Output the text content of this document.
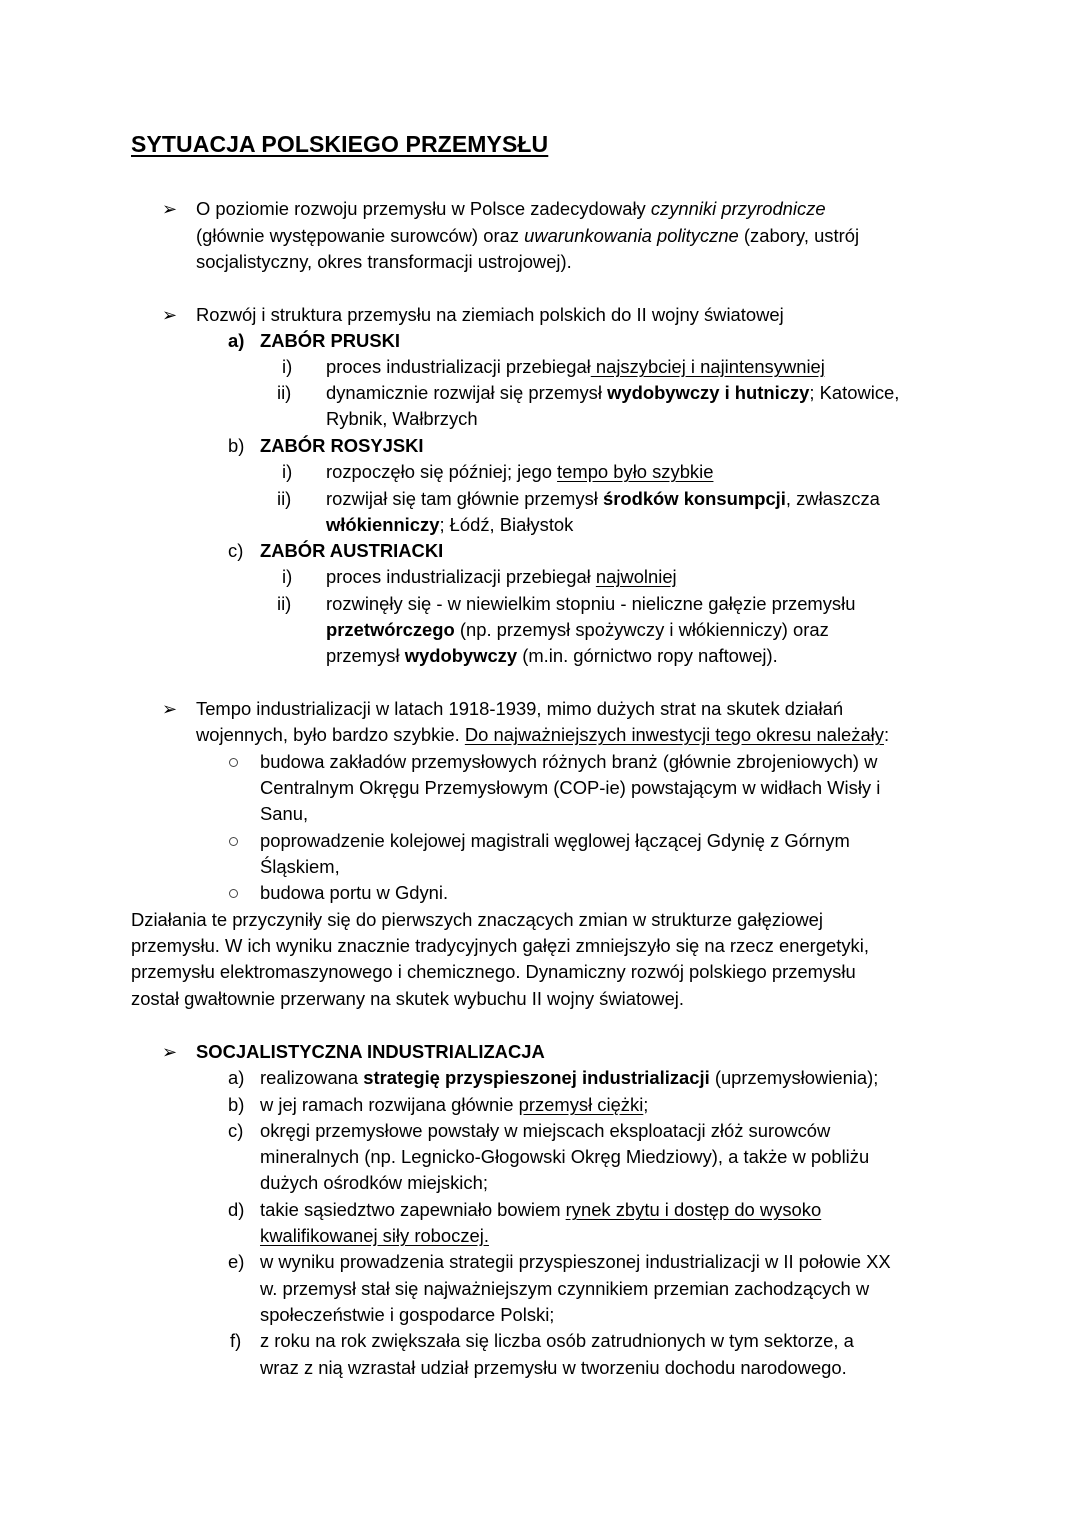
SYTUACJA POLSKIEGO PRZEMYSŁU
➢ O poziomie rozwoju przemysłu w Polsce zadecydowały czynniki przyrodnicze
(głównie występowanie surowców) oraz uwarunkowania polityczne (zabory, ustrój
socjalistyczny, okres transformacji ustrojowej).
➢ Rozwój i struktura przemysłu na ziemiach polskich do II wojny światowej
a) ZABÓR PRUSKI
i) proces industrializacji przebiegał najszybciej i najintensywniej
ii) dynamicznie rozwijał się przemysł wydobywczy i hutniczy; Katowice,
Rybnik, Wałbrzych
b) ZABÓR ROSYJSKI
i) rozpoczęło się później; jego tempo było szybkie
ii) rozwijał się tam głównie przemysł środków konsumpcji, zwłaszcza
włókienniczy; Łódź, Białystok
c) ZABÓR AUSTRIACKI
i) proces industrializacji przebiegał najwolniej
ii) rozwinęły się - w niewielkim stopniu - nieliczne gałęzie przemysłu
przetwórczego (np. przemysł spożywczy i włókienniczy) oraz
przemysł wydobywczy (m.in. górnictwo ropy naftowej).
➢ Tempo industrializacji w latach 1918-1939, mimo dużych strat na skutek działań
wojennych, było bardzo szybkie. Do najważniejszych inwestycji tego okresu należały:
budowa zakładów przemysłowych różnych branż (głównie zbrojeniowych) w
Centralnym Okręgu Przemysłowym (COP-ie) powstającym w widłach Wisły i
Sanu,
poprowadzenie kolejowej magistrali węglowej łączącej Gdynię z Górnym
Śląskiem,
budowa portu w Gdyni.
Działania te przyczyniły się do pierwszych znaczących zmian w strukturze gałęziowej
przemysłu. W ich wyniku znacznie tradycyjnych gałęzi zmniejszyło się na rzecz energetyki,
przemysłu elektromaszynowego i chemicznego. Dynamiczny rozwój polskiego przemysłu
został gwałtownie przerwany na skutek wybuchu II wojny światowej.
➢ SOCJALISTYCZNA INDUSTRIALIZACJA
a) realizowana strategię przyspieszonej industrializacji (uprzemysłowienia);
b) w jej ramach rozwijana głównie przemysł ciężki;
c) okręgi przemysłowe powstały w miejscach eksploatacji złóż surowców
mineralnych (np. Legnicko-Głogowski Okręg Miedziowy), a także w pobliżu
dużych ośrodków miejskich;
d) takie sąsiedztwo zapewniało bowiem rynek zbytu i dostęp do wysoko
kwalifikowanej siły roboczej.
e) w wyniku prowadzenia strategii przyspieszonej industrializacji w II połowie XX
w. przemysł stał się najważniejszym czynnikiem przemian zachodzących w
społeczeństwie i gospodarce Polski;
f) z roku na rok zwiększała się liczba osób zatrudnionych w tym sektorze, a
wraz z nią wzrastał udział przemysłu w tworzeniu dochodu narodowego.
